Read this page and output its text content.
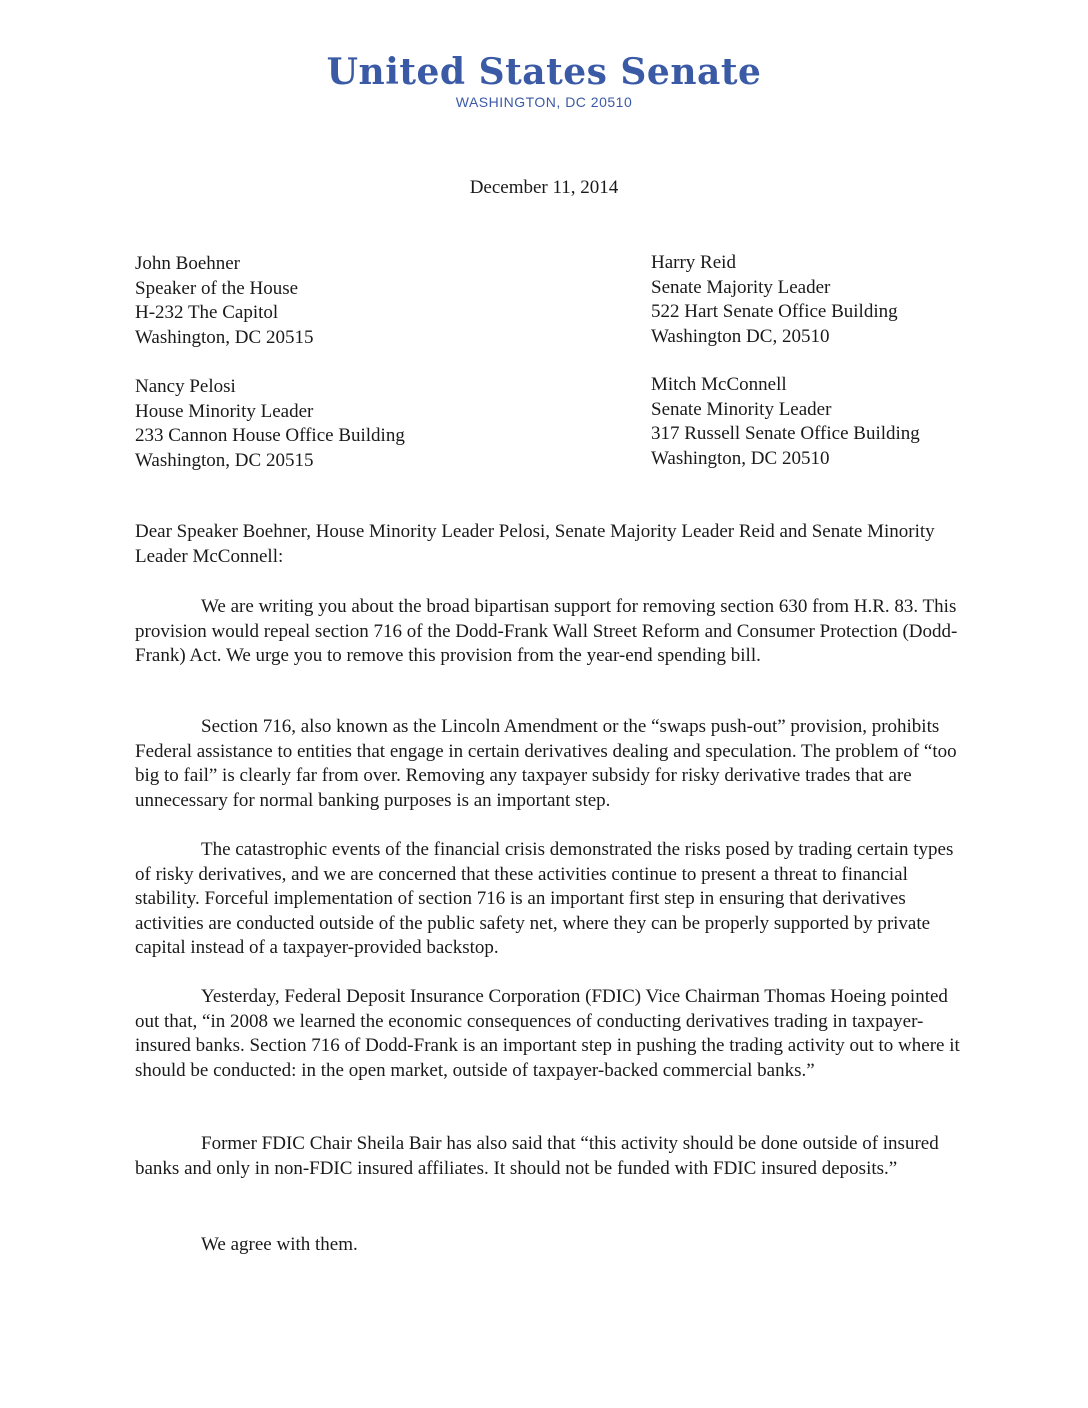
United States Senate
WASHINGTON, DC 20510
December 11, 2014
John Boehner
Speaker of the House
H-232 The Capitol
Washington, DC 20515
Harry Reid
Senate Majority Leader
522 Hart Senate Office Building
Washington DC, 20510
Nancy Pelosi
House Minority Leader
233 Cannon House Office Building
Washington, DC 20515
Mitch McConnell
Senate Minority Leader
317 Russell Senate Office Building
Washington, DC 20510

Dear Speaker Boehner, House Minority Leader Pelosi, Senate Majority Leader Reid and Senate Minority Leader McConnell:

We are writing you about the broad bipartisan support for removing section 630 from H.R. 83. This provision would repeal section 716 of the Dodd-Frank Wall Street Reform and Consumer Protection (Dodd-Frank) Act. We urge you to remove this provision from the year-end spending bill.

Section 716, also known as the Lincoln Amendment or the “swaps push-out” provision, prohibits Federal assistance to entities that engage in certain derivatives dealing and speculation. The problem of “too big to fail” is clearly far from over. Removing any taxpayer subsidy for risky derivative trades that are unnecessary for normal banking purposes is an important step.

The catastrophic events of the financial crisis demonstrated the risks posed by trading certain types of risky derivatives, and we are concerned that these activities continue to present a threat to financial stability. Forceful implementation of section 716 is an important first step in ensuring that derivatives activities are conducted outside of the public safety net, where they can be properly supported by private capital instead of a taxpayer-provided backstop.

Yesterday, Federal Deposit Insurance Corporation (FDIC) Vice Chairman Thomas Hoeing pointed out that, “in 2008 we learned the economic consequences of conducting derivatives trading in taxpayer-insured banks. Section 716 of Dodd-Frank is an important step in pushing the trading activity out to where it should be conducted: in the open market, outside of taxpayer-backed commercial banks.”

Former FDIC Chair Sheila Bair has also said that “this activity should be done outside of insured banks and only in non-FDIC insured affiliates. It should not be funded with FDIC insured deposits.”

We agree with them.
